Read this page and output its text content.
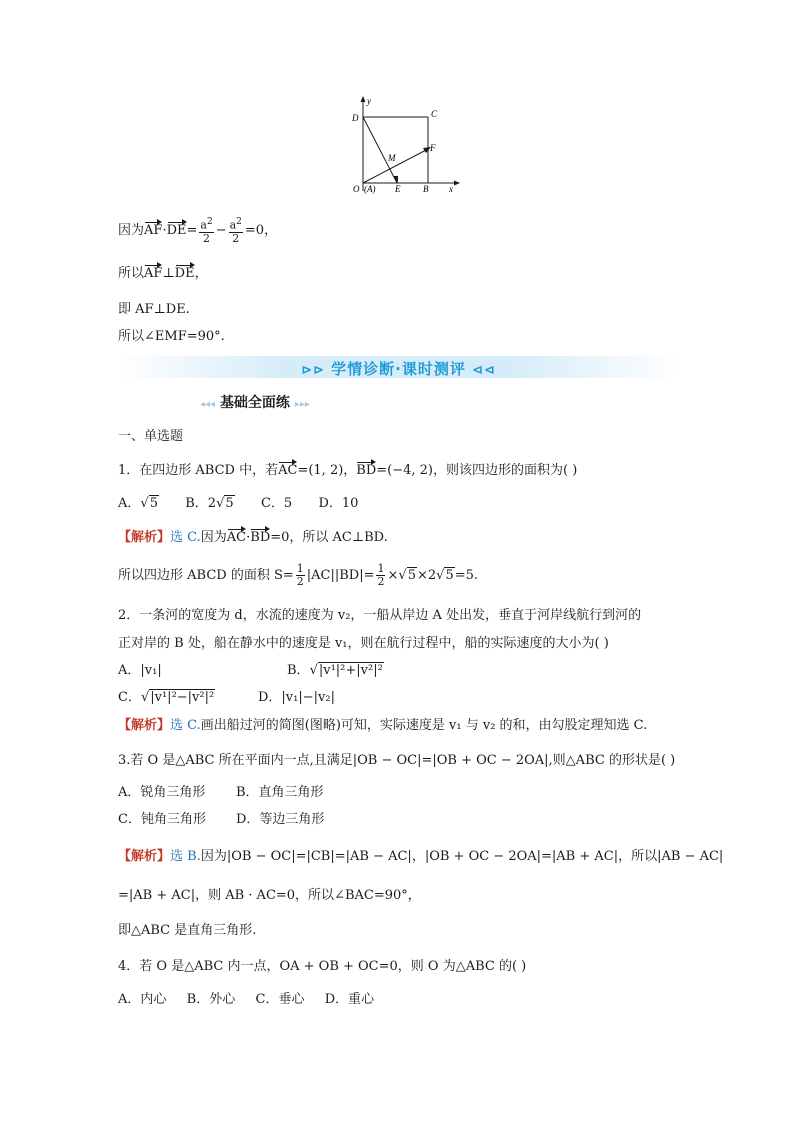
y
D	C
M
F
O (A) E	B x
因为$AF\cdot DE= \frac{a^2}{2} - \frac{a^2}{2} =0$，
所以AF⊥DE，
即 AF⊥DE.
所以∠EMF=90°.
⊳⊳ 学情诊断·课时测评 ⊲⊲
◂◂◂ 基础全面练 ▸▸▸
一、单选题
1．在四边形 ABCD 中，若AC=(1, 2)，BD=(−4, 2)，则该四边形的面积为( )
A．√5 B．2√5 C．5 D．10
【解析】选 C.因为AC·BD=0，所以 AC⊥BD.
所以四边形 ABCD 的面积 $S= \frac{1}{2} |AC||BD|= \frac{1}{2} \times√5\times 2√5=5$.
2．一条河的宽度为 d，水流的速度为 v₂，一船从岸边 A 处出发，垂直于河岸线航行到河的
正对岸的 B 处，船在静水中的速度是 v₁，则在航行过程中，船的实际速度的大小为( )
A．|v₁|	B．√|v¹|²+|v²|²
C．√|v¹|²−|v²|²	D．|v₁|−|v₂|
【解析】选 C.画出船过河的简图(图略)可知，实际速度是 v₁ 与 v₂ 的和，由勾股定理知选 C.
3.若 O 是△ABC 所在平面内一点,且满足|OB − OC|=|OB + OC − 2OA|,则△ABC 的形状是( )
A．锐角三角形 B．直角三角形
C．钝角三角形 D．等边三角形
【解析】选 B.因为|OB − OC|=|CB|=|AB − AC|，|OB + OC − 2OA|=|AB + AC|，所以|AB − AC|
=|AB + AC|，则 AB · AC=0，所以∠BAC=90°，
即△ABC 是直角三角形.
4．若 O 是△ABC 内一点，OA + OB + OC=0，则 O 为△ABC 的( )
A．内心 B．外心 C．垂心 D．重心
